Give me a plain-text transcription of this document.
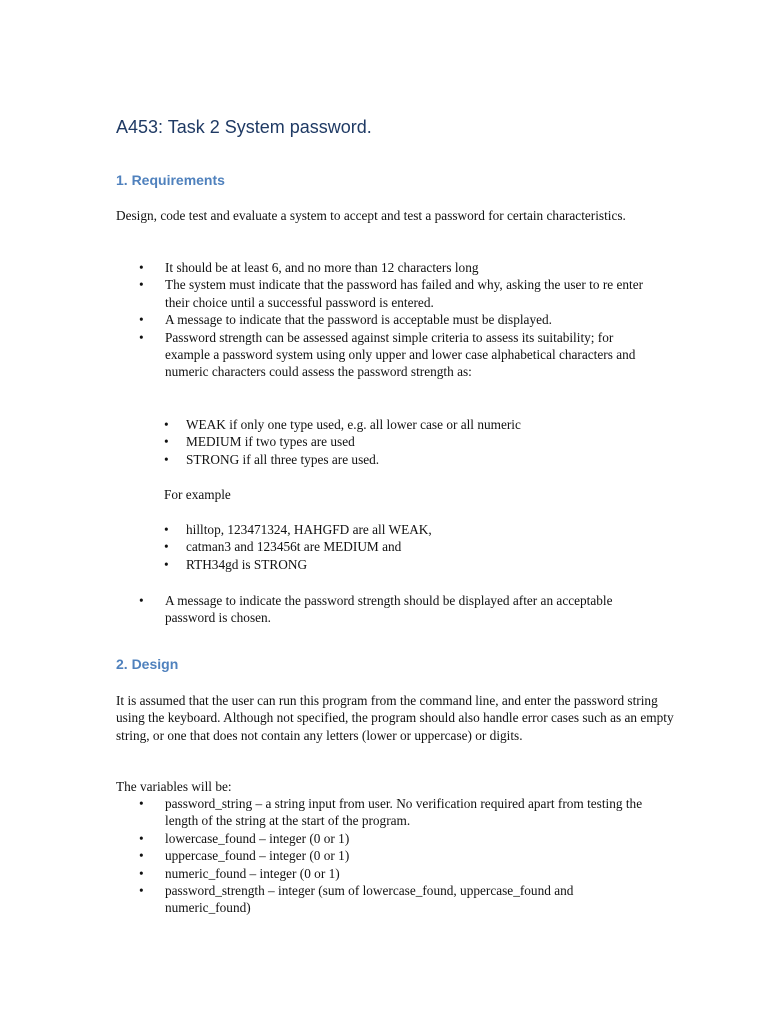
A453: Task 2 System password.
1. Requirements

Design, code test and evaluate a system to accept and test a password for certain characteristics.

• It should be at least 6, and no more than 12 characters long
• The system must indicate that the password has failed and why, asking the user to re enter their choice until a successful password is entered.
• A message to indicate that the password is acceptable must be displayed.
• Password strength can be assessed against simple criteria to assess its suitability; for example a password system using only upper and lower case alphabetical characters and numeric characters could assess the password strength as:
• WEAK if only one type used, e.g. all lower case or all numeric
• MEDIUM if two types are used
• STRONG if all three types are used.

For example

• hilltop, 123471324, HAHGFD are all WEAK,
• catman3 and 123456t are MEDIUM and
• RTH34gd is STRONG
• A message to indicate the password strength should be displayed after an acceptable password is chosen.
2. Design

It is assumed that the user can run this program from the command line, and enter the password string using the keyboard. Although not specified, the program should also handle error cases such as an empty string, or one that does not contain any letters (lower or uppercase) or digits.

The variables will be:

• password_string – a string input from user. No verification required apart from testing the length of the string at the start of the program.
• lowercase_found – integer (0 or 1)
• uppercase_found – integer (0 or 1)
• numeric_found – integer (0 or 1)
• password_strength – integer (sum of lowercase_found, uppercase_found and numeric_found)
